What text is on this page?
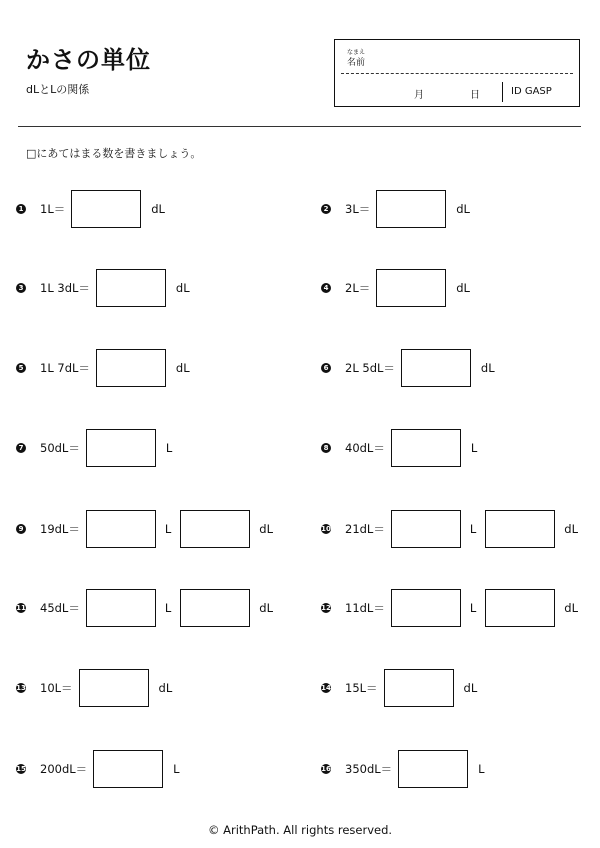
かさの単位
dLとLの関係
なまえ
名前
月	日	ID GASP
□にあてはまる数を書きましょう。
1 1L＝	dL	2 3L＝	dL
3 1L 3dL＝	dL	4 2L＝	dL
5 1L 7dL＝	dL	6 2L 5dL＝	dL
7 50dL＝	L	8 40dL＝	L
9 19dL＝	L	dL	10 21dL＝	L	dL
11 45dL＝	L	dL	12 11dL＝	L	dL
13 10L＝	dL	14 15L＝	dL
15 200dL＝	L	16 350dL＝	L
© ArithPath. All rights reserved.
